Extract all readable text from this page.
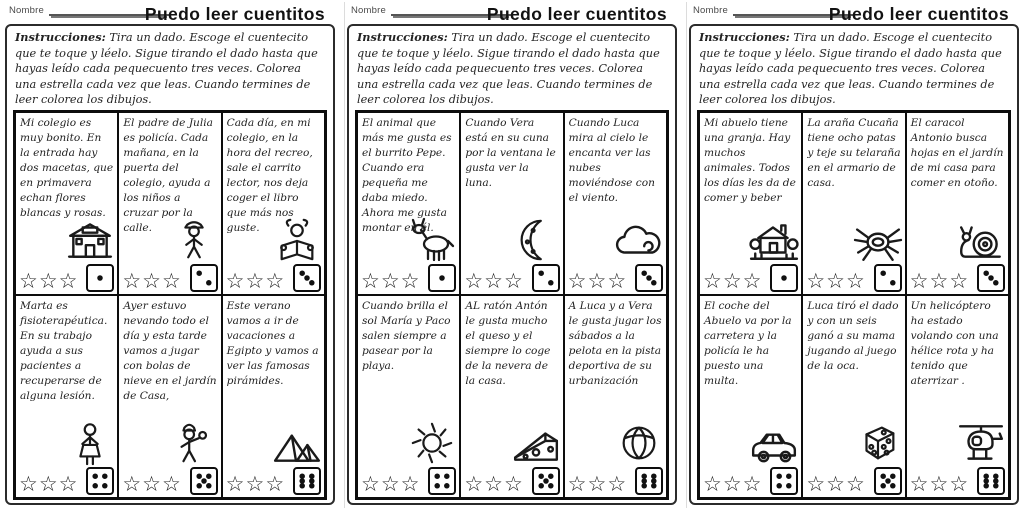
Nombre	Puedo leer cuentitos

Instrucciones: Tira un dado. Escoge el cuentecito que te toque y léelo. Sigue tirando el dado hasta que hayas leído cada pequecuento tres veces. Colorea una estrella cada vez que leas. Cuando termines de leer colorea los dibujos.

Mi colegio es muy bonito. En la entrada hay dos macetas, que en primavera echan flores blancas y rosas.
☆☆☆
El padre de Julia es policía. Cada mañana, en la puerta del colegio, ayuda a los niños a cruzar por la calle.
☆☆☆
Cada día, en mi colegio, en la hora del recreo, sale el carrito lector, nos deja coger el libro que más nos guste.
☆☆☆
Marta es fisioterapéutica. En su trabajo ayuda a sus pacientes a recuperarse de alguna lesión.
☆☆☆
Ayer estuvo nevando todo el día y esta tarde vamos a jugar con bolas de nieve en el jardín de Casa,
☆☆☆
Este verano vamos a ir de vacaciones a Egipto y vamos a ver las famosas pirámides.
☆☆☆
Nombre	Puedo leer cuentitos

Instrucciones: Tira un dado. Escoge el cuentecito que te toque y léelo. Sigue tirando el dado hasta que hayas leído cada pequecuento tres veces. Colorea una estrella cada vez que leas. Cuando termines de leer colorea los dibujos.

El animal que más me gusta es el burrito Pepe. Cuando era pequeña me daba miedo. Ahora me gusta montar en él.
☆☆☆
Cuando Vera está en su cuna por la ventana le gusta ver la luna.
☆☆☆
Cuando Luca mira al cielo le encanta ver las nubes moviéndose con el viento.
☆☆☆
Cuando brilla el sol María y Paco salen siempre a pasear por la playa.
☆☆☆
AL ratón Antón le gusta mucho el queso y el siempre lo coge de la nevera de la casa.
☆☆☆
A Luca y a Vera le gusta jugar los sábados a la pelota en la pista deportiva de su urbanización
☆☆☆
Nombre	Puedo leer cuentitos

Instrucciones: Tira un dado. Escoge el cuentecito que te toque y léelo. Sigue tirando el dado hasta que hayas leído cada pequecuento tres veces. Colorea una estrella cada vez que leas. Cuando termines de leer colorea los dibujos.

Mi abuelo tiene una granja. Hay muchos animales. Todos los días les da de comer y beber
☆☆☆
La araña Cucaña tiene ocho patas y teje su telaraña en el armario de casa.
☆☆☆
El caracol Antonio busca hojas en el jardín de mi casa para comer en otoño.
☆☆☆
El coche del Abuelo va por la carretera y la policía le ha puesto una multa.
☆☆☆
Luca tiró el dado y con un seis ganó a su mama jugando al juego de la oca.
☆☆☆
Un helicóptero ha estado volando con una hélice rota y ha tenido que aterrizar .
☆☆☆
